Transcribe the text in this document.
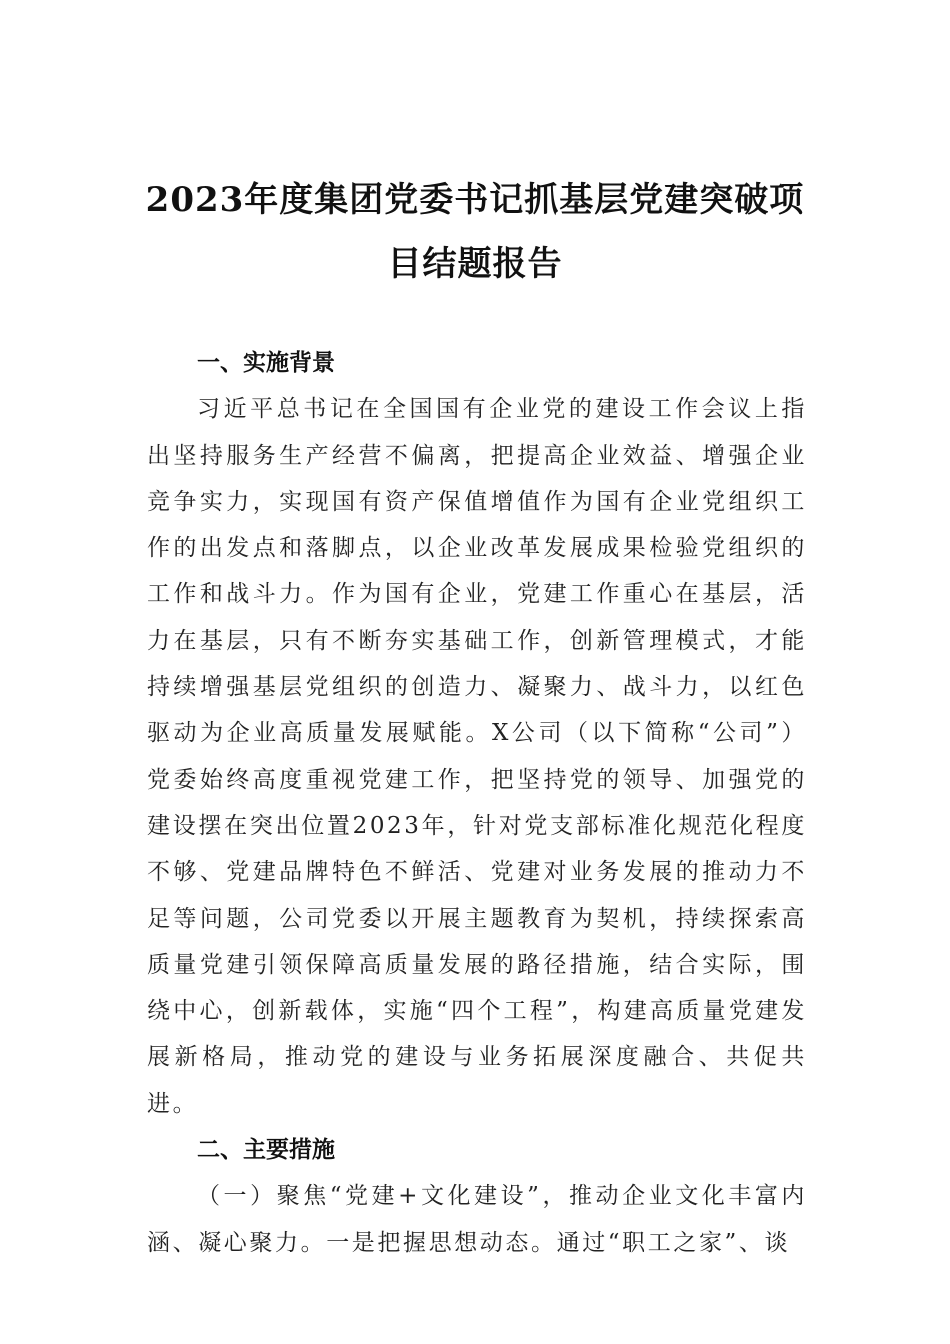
2023年度集团党委书记抓基层党建突破项
目结题报告

一、实施背景

习近平总书记在全国国有企业党的建设工作会议上指出坚持服务生产经营不偏离，把提高企业效益、增强企业竞争实力，实现国有资产保值增值作为国有企业党组织工作的出发点和落脚点，以企业改革发展成果检验党组织的工作和战斗力。作为国有企业，党建工作重心在基层，活力在基层，只有不断夯实基础工作，创新管理模式，才能持续增强基层党组织的创造力、凝聚力、战斗力，以红色驱动为企业高质量发展赋能。X公司（以下简称“公司”）党委始终高度重视党建工作，把坚持党的领导、加强党的建设摆在突出位置2023年，针对党支部标准化规范化程度不够、党建品牌特色不鲜活、党建对业务发展的推动力不足等问题，公司党委以开展主题教育为契机，持续探索高质量党建引领保障高质量发展的路径措施，结合实际，围绕中心，创新载体，实施“四个工程”，构建高质量党建发展新格局，推动党的建设与业务拓展深度融合、共促共进。

二、主要措施

（一）聚焦“党建+文化建设”，推动企业文化丰富内涵、凝心聚力。一是把握思想动态。通过“职工之家”、谈
